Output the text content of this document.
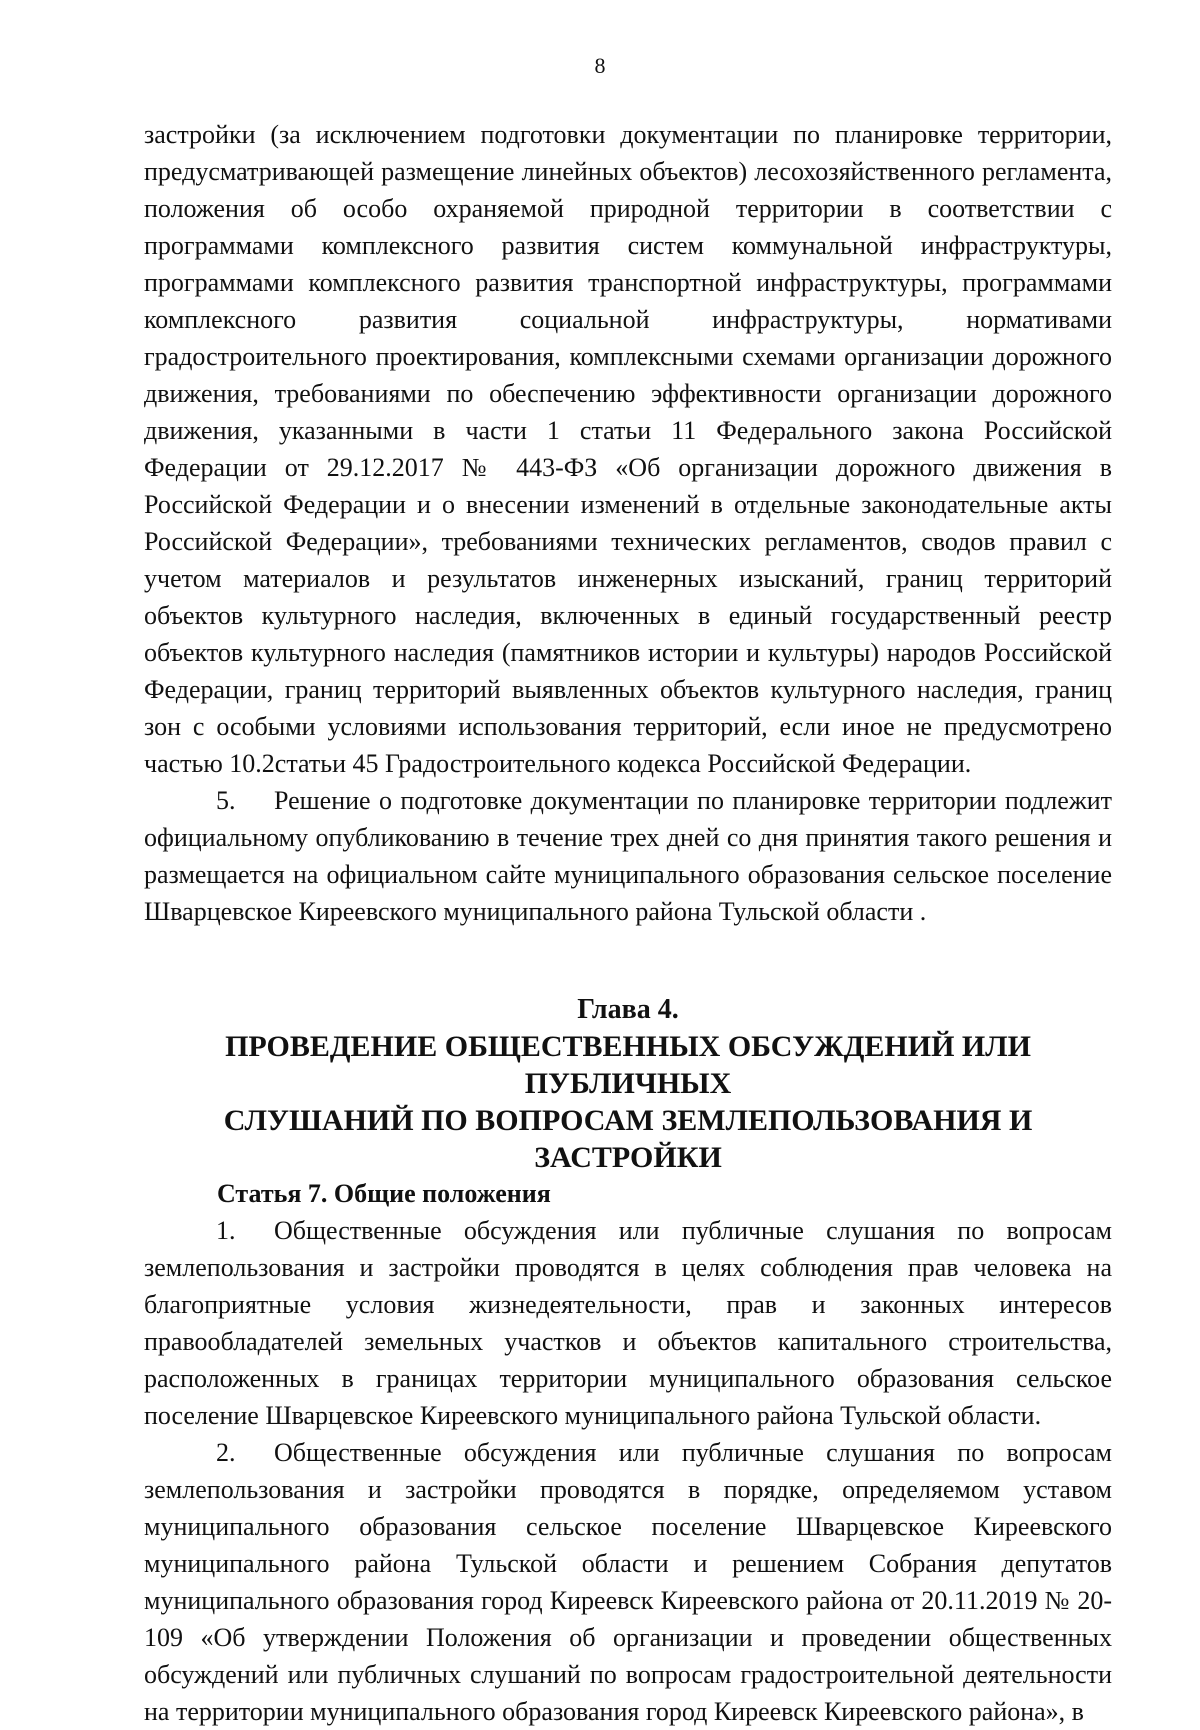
8

застройки (за исключением подготовки документации по планировке территории, предусматривающей размещение линейных объектов) лесохозяйственного регламента, положения об особо охраняемой природной территории в соответствии с программами комплексного развития систем коммунальной инфраструктуры, программами комплексного развития транспортной инфраструктуры, программами комплексного развития социальной инфраструктуры, нормативами градостроительного проектирования, комплексными схемами организации дорожного движения, требованиями по обеспечению эффективности организации дорожного движения, указанными в части 1 статьи 11 Федерального закона Российской Федерации от 29.12.2017 № 443-ФЗ «Об организации дорожного движения в Российской Федерации и о внесении изменений в отдельные законодательные акты Российской Федерации», требованиями технических регламентов, сводов правил с учетом материалов и результатов инженерных изысканий, границ территорий объектов культурного наследия, включенных в единый государственный реестр объектов культурного наследия (памятников истории и культуры) народов Российской Федерации, границ территорий выявленных объектов культурного наследия, границ зон с особыми условиями использования территорий, если иное не предусмотрено частью 10.2статьи 45 Градостроительного кодекса Российской Федерации.

5. Решение о подготовке документации по планировке территории подлежит официальному опубликованию в течение трех дней со дня принятия такого решения и размещается на официальном сайте муниципального образования сельское поселение Шварцевское Киреевского муниципального района Тульской области .

Глава 4.
ПРОВЕДЕНИЕ ОБЩЕСТВЕННЫХ ОБСУЖДЕНИЙ ИЛИ ПУБЛИЧНЫХ
СЛУШАНИЙ ПО ВОПРОСАМ ЗЕМЛЕПОЛЬЗОВАНИЯ И ЗАСТРОЙКИ

Статья 7. Общие положения

1. Общественные обсуждения или публичные слушания по вопросам землепользования и застройки проводятся в целях соблюдения прав человека на благоприятные условия жизнедеятельности, прав и законных интересов правообладателей земельных участков и объектов капитального строительства, расположенных в границах территории муниципального образования сельское поселение Шварцевское Киреевского муниципального района Тульской области.

2. Общественные обсуждения или публичные слушания по вопросам землепользования и застройки проводятся в порядке, определяемом уставом муниципального образования сельское поселение Шварцевское Киреевского муниципального района Тульской области и решением Собрания депутатов муниципального образования город Киреевск Киреевского района от 20.11.2019 № 20-109 «Об утверждении Положения об организации и проведении общественных обсуждений или публичных слушаний по вопросам градостроительной деятельности на территории муниципального образования город Киреевск Киреевского района», в
